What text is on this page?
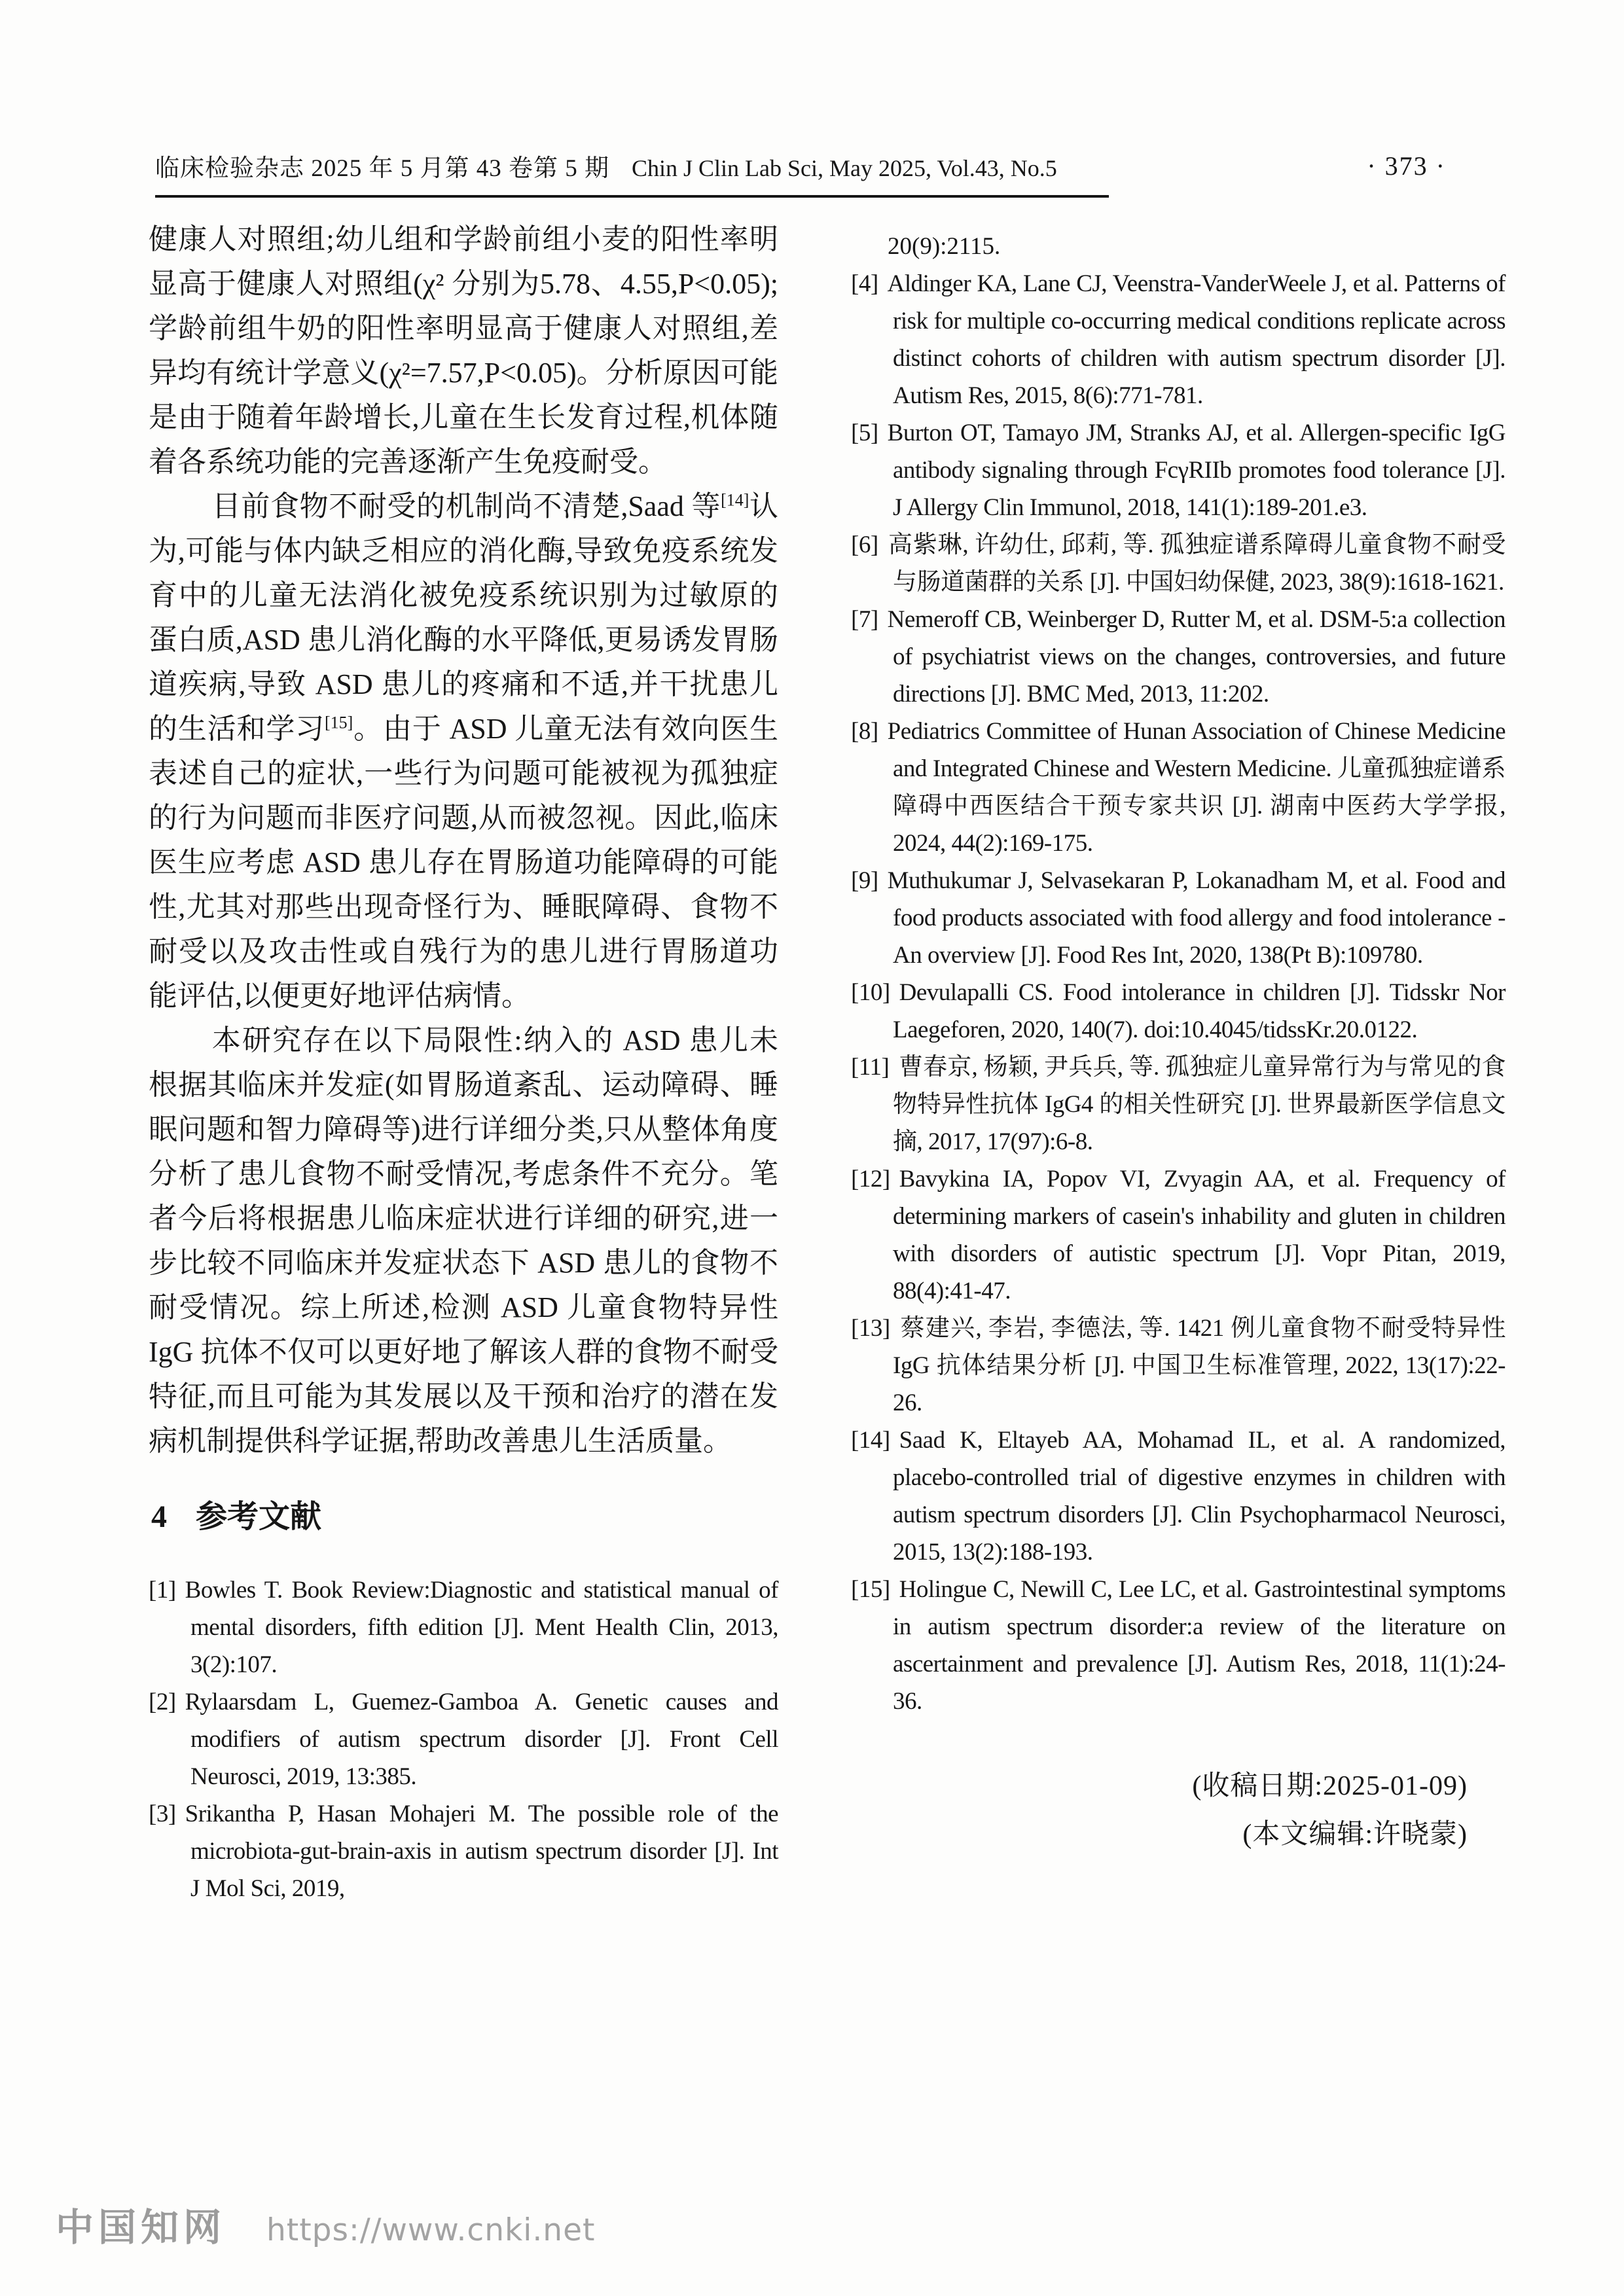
临床检验杂志 2025 年 5 月第 43 卷第 5 期 Chin J Clin Lab Sci, May 2025, Vol.43, No.5	· 373 ·

健康人对照组;幼儿组和学龄前组小麦的阳性率明显高于健康人对照组(χ² 分别为5.78、4.55,P<0.05);学龄前组牛奶的阳性率明显高于健康人对照组,差异均有统计学意义(χ²=7.57,P<0.05)。分析原因可能是由于随着年龄增长,儿童在生长发育过程,机体随着各系统功能的完善逐渐产生免疫耐受。

目前食物不耐受的机制尚不清楚,Saad 等[14]认为,可能与体内缺乏相应的消化酶,导致免疫系统发育中的儿童无法消化被免疫系统识别为过敏原的蛋白质,ASD 患儿消化酶的水平降低,更易诱发胃肠道疾病,导致 ASD 患儿的疼痛和不适,并干扰患儿的生活和学习[15]。由于 ASD 儿童无法有效向医生表述自己的症状,一些行为问题可能被视为孤独症的行为问题而非医疗问题,从而被忽视。因此,临床医生应考虑 ASD 患儿存在胃肠道功能障碍的可能性,尤其对那些出现奇怪行为、睡眠障碍、食物不耐受以及攻击性或自残行为的患儿进行胃肠道功能评估,以便更好地评估病情。

本研究存在以下局限性:纳入的 ASD 患儿未根据其临床并发症(如胃肠道紊乱、运动障碍、睡眠问题和智力障碍等)进行详细分类,只从整体角度分析了患儿食物不耐受情况,考虑条件不充分。笔者今后将根据患儿临床症状进行详细的研究,进一步比较不同临床并发症状态下 ASD 患儿的食物不耐受情况。综上所述,检测 ASD 儿童食物特异性 IgG 抗体不仅可以更好地了解该人群的食物不耐受特征,而且可能为其发展以及干预和治疗的潜在发病机制提供科学证据,帮助改善患儿生活质量。

4 参考文献
[1] Bowles T. Book Review:Diagnostic and statistical manual of mental disorders, fifth edition [J]. Ment Health Clin, 2013, 3(2):107.
[2] Rylaarsdam L, Guemez-Gamboa A. Genetic causes and modifiers of autism spectrum disorder [J]. Front Cell Neurosci, 2019, 13:385.
[3] Srikantha P, Hasan Mohajeri M. The possible role of the microbiota-gut-brain-axis in autism spectrum disorder [J]. Int J Mol Sci, 2019,

20(9):2115.

[4] Aldinger KA, Lane CJ, Veenstra-VanderWeele J, et al. Patterns of risk for multiple co-occurring medical conditions replicate across distinct cohorts of children with autism spectrum disorder [J]. Autism Res, 2015, 8(6):771-781.
[5] Burton OT, Tamayo JM, Stranks AJ, et al. Allergen-specific IgG antibody signaling through FcγRIIb promotes food tolerance [J]. J Allergy Clin Immunol, 2018, 141(1):189-201.e3.
[6] 高紫琳, 许幼仕, 邱莉, 等. 孤独症谱系障碍儿童食物不耐受与肠道菌群的关系 [J]. 中国妇幼保健, 2023, 38(9):1618-1621.
[7] Nemeroff CB, Weinberger D, Rutter M, et al. DSM-5:a collection of psychiatrist views on the changes, controversies, and future directions [J]. BMC Med, 2013, 11:202.
[8] Pediatrics Committee of Hunan Association of Chinese Medicine and Integrated Chinese and Western Medicine. 儿童孤独症谱系障碍中西医结合干预专家共识 [J]. 湖南中医药大学学报, 2024, 44(2):169-175.
[9] Muthukumar J, Selvasekaran P, Lokanadham M, et al. Food and food products associated with food allergy and food intolerance - An overview [J]. Food Res Int, 2020, 138(Pt B):109780.
[10] Devulapalli CS. Food intolerance in children [J]. Tidsskr Nor Laegeforen, 2020, 140(7). doi:10.4045/tidssKr.20.0122.
[11] 曹春京, 杨颖, 尹兵兵, 等. 孤独症儿童异常行为与常见的食物特异性抗体 IgG4 的相关性研究 [J]. 世界最新医学信息文摘, 2017, 17(97):6-8.
[12] Bavykina IA, Popov VI, Zvyagin AA, et al. Frequency of determining markers of casein's inhability and gluten in children with disorders of autistic spectrum [J]. Vopr Pitan, 2019, 88(4):41-47.
[13] 蔡建兴, 李岩, 李德法, 等. 1421 例儿童食物不耐受特异性 IgG 抗体结果分析 [J]. 中国卫生标准管理, 2022, 13(17):22-26.
[14] Saad K, Eltayeb AA, Mohamad IL, et al. A randomized, placebo-controlled trial of digestive enzymes in children with autism spectrum disorders [J]. Clin Psychopharmacol Neurosci, 2015, 13(2):188-193.
[15] Holingue C, Newill C, Lee LC, et al. Gastrointestinal symptoms in autism spectrum disorder:a review of the literature on ascertainment and prevalence [J]. Autism Res, 2018, 11(1):24-36.
(收稿日期:2025-01-09)
(本文编辑:许晓蒙)
中国知网 https://www.cnki.net
